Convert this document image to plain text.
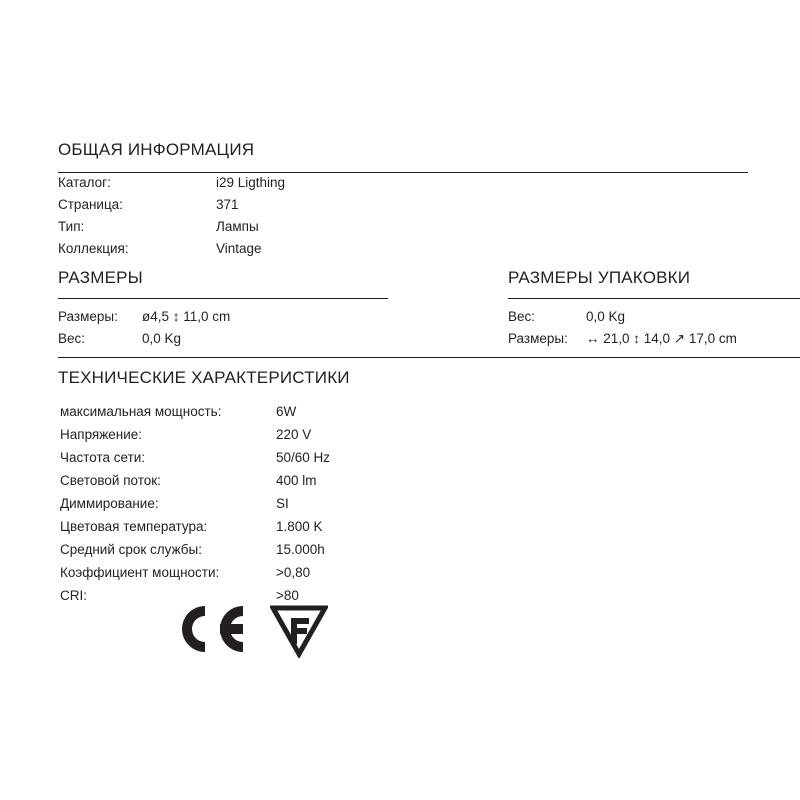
ОБЩАЯ ИНФОРМАЦИЯ
Каталог:	i29 Ligthing
Страница:	371
Тип:	Лампы
Коллекция:	Vintage
РАЗМЕРЫ
Размеры:	ø4,5 ↕ 11,0 cm
Вес:	0,0 Kg
РАЗМЕРЫ УПАКОВКИ
Вес:	0,0 Kg
Размеры:	↔ 21,0 ↕ 14,0 ↗ 17,0 cm
ТЕХНИЧЕСКИЕ ХАРАКТЕРИСТИКИ
максимальная мощность:	6W
Напряжение:	220 V
Частота сети:	50/60 Hz
Световой поток:	400 lm
Диммирование:	SI
Цветовая температура:	1.800 K
Средний срок службы:	15.000h
Коэффициент мощности:	>0,80
CRI:	>80
